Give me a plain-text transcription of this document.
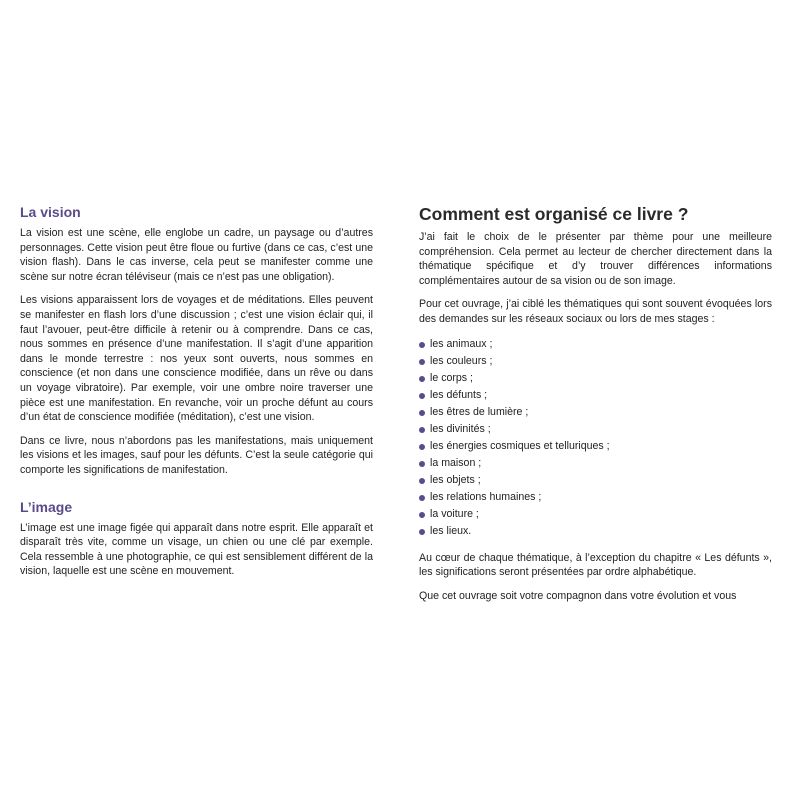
La vision

La vision est une scène, elle englobe un cadre, un paysage ou d’autres personnages. Cette vision peut être floue ou furtive (dans ce cas, c’est une vision flash). Dans le cas inverse, cela peut se manifester comme une scène sur notre écran téléviseur (mais ce n’est pas une obligation).

Les visions apparaissent lors de voyages et de méditations. Elles peuvent se manifester en flash lors d’une discussion ; c’est une vision éclair qui, il faut l’avouer, peut-être difficile à retenir ou à comprendre. Dans ce cas, nous sommes en présence d’une manifestation. Il s’agit d’une apparition dans le monde terrestre : nos yeux sont ouverts, nous sommes en conscience (et non dans une conscience modifiée, dans un rêve ou dans un voyage vibratoire). Par exemple, voir une ombre noire traverser une pièce est une manifestation. En revanche, voir un proche défunt au cours d’un état de conscience modifiée (méditation), c’est une vision.

Dans ce livre, nous n’abordons pas les manifestations, mais uniquement les visions et les images, sauf pour les défunts. C’est la seule catégorie qui comporte les significations de manifestation.

L’image

L’image est une image figée qui apparaît dans notre esprit. Elle apparaît et disparaît très vite, comme un visage, un chien ou une clé par exemple. Cela ressemble à une photographie, ce qui est sensiblement différent de la vision, laquelle est une scène en mouvement.

Comment est organisé ce livre ?

J’ai fait le choix de le présenter par thème pour une meilleure compréhension. Cela permet au lecteur de chercher directement dans la thématique spécifique et d’y trouver différences informations complémentaires autour de sa vision ou de son image.

Pour cet ouvrage, j’ai ciblé les thématiques qui sont souvent évoquées lors des demandes sur les réseaux sociaux ou lors de mes stages :

les animaux ;
les couleurs ;
le corps ;
les défunts ;
les êtres de lumière ;
les divinités ;
les énergies cosmiques et telluriques ;
la maison ;
les objets ;
les relations humaines ;
la voiture ;
les lieux.

Au cœur de chaque thématique, à l’exception du chapitre « Les défunts », les significations seront présentées par ordre alphabétique.

Que cet ouvrage soit votre compagnon dans votre évolution et vous
